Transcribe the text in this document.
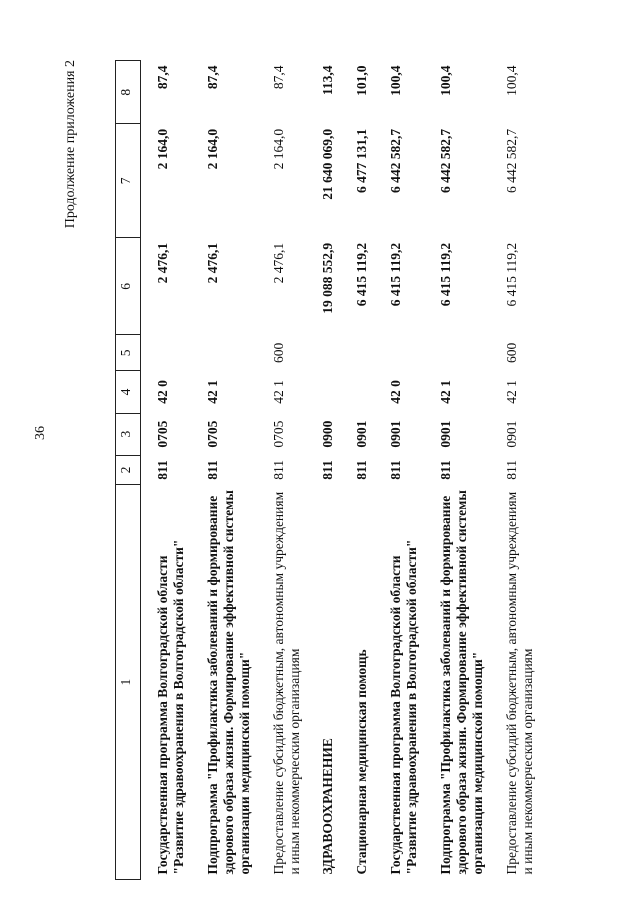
36
Продолжение приложения 2
1	2	3	4	5	6	7	8
Государственная программа Волгоградской области "Развитие здравоохранения в Волгоградской области"	811	0705	42 0		2 476,1	2 164,0	87,4
Подпрограмма "Профилактика заболеваний и формирование здорового образа жизни. Формирование эффективной системы организации медицинской помощи"	811	0705	42 1		2 476,1	2 164,0	87,4
Предоставление субсидий бюджетным, автономным учреждениям и иным некоммерческим организациям	811	0705	42 1	600	2 476,1	2 164,0	87,4
ЗДРАВООХРАНЕНИЕ	811	0900			19 088 552,9	21 640 069,0	113,4
Стационарная медицинская помощь	811	0901			6 415 119,2	6 477 131,1	101,0
Государственная программа Волгоградской области "Развитие здравоохранения в Волгоградской области"	811	0901	42 0		6 415 119,2	6 442 582,7	100,4
Подпрограмма "Профилактика заболеваний и формирование здорового образа жизни. Формирование эффективной системы организации медицинской помощи"	811	0901	42 1		6 415 119,2	6 442 582,7	100,4
Предоставление субсидий бюджетным, автономным учреждениям и иным некоммерческим организациям	811	0901	42 1	600	6 415 119,2	6 442 582,7	100,4
